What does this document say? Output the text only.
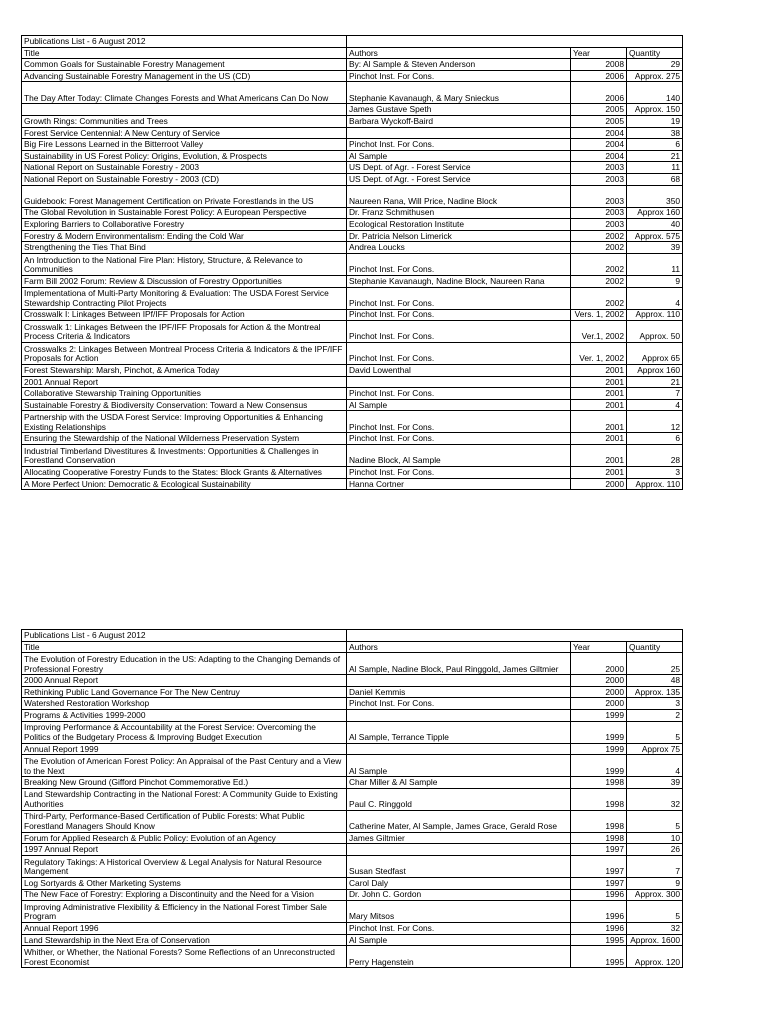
Publications List - 6 August 2012			
Title	Authors	Year	Quantity
Common Goals for Sustainable Forestry Management	By: Al Sample & Steven Anderson	2008	29
Advancing Sustainable Forestry Management in the US (CD)	Pinchot Inst. For Cons.	2006	Approx. 275
The Day After Today: Climate Changes Forests and What Americans Can Do Now	Stephanie Kavanaugh, & Mary Snieckus	2006	140
	James Gustave Speth	2005	Approx. 150
Growth Rings: Communities and Trees	Barbara Wyckoff-Baird	2005	19
Forest Service Centennial: A New Century of Service		2004	38
Big Fire Lessons Learned in the Bitterroot Valley	Pinchot Inst. For Cons.	2004	6
Sustainability in US Forest Policy: Origins, Evolution, & Prospects	Al Sample	2004	21
National Report on Sustainable Forestry - 2003	US Dept. of Agr. - Forest Service	2003	11
National Report on Sustainable Forestry - 2003 (CD)	US Dept. of Agr. - Forest Service	2003	68
Guidebook: Forest Management Certification on Private Forestlands in the US	Naureen Rana, Will Price, Nadine Block	2003	350
The Global Revolution in Sustainable Forest Policy: A European Perspective	Dr. Franz Schmithusen	2003	Approx 160
Exploring Barriers to Collaborative Forestry	Ecological Restoration Institute	2003	40
Forestry & Modern Environmentalism: Ending the Cold War	Dr. Patricia Nelson Limerick	2002	Approx. 575
Strengthening the Ties That Bind	Andrea Loucks	2002	39
An Introduction to the National Fire Plan: History, Structure, & Relevance to Communities	Pinchot Inst. For Cons.	2002	11
Farm Bill 2002 Forum: Review & Discussion of Forestry Opportunities	Stephanie Kavanaugh, Nadine Block, Naureen Rana	2002	9
Implementationa of Multi-Party Monitoring & Evaluation: The USDA Forest Service Stewardship Contracting Pilot Projects	Pinchot Inst. For Cons.	2002	4
Crosswalk I: Linkages Between IPf/IFF Proposals for Action	Pinchot Inst. For Cons.	Vers. 1, 2002	Approx. 110
Crosswalk 1: Linkages Between the IPF/IFF Proposals for Action & the Montreal Process Criteria & Indicators	Pinchot Inst. For Cons.	Ver.1, 2002	Approx. 50
Crosswalks 2: Linkages Between Montreal Process Criteria & Indicators & the IPF/IFF Proposals for Action	Pinchot Inst. For Cons.	Ver. 1, 2002	Approx 65
Forest Stewarship: Marsh, Pinchot, & America Today	David Lowenthal	2001	Approx 160
2001 Annual Report		2001	21
Collaborative Stewarship Training Opportunities	Pinchot Inst. For Cons.	2001	7
Sustainable Forestry & Biodiversity Conservation: Toward a New Consensus	Al Sample	2001	4
Partnership with the USDA Forest Service: Improving Opportunities & Enhancing Existing Relationships	Pinchot Inst. For Cons.	2001	12
Ensuring the Stewardship of the National Wilderness Preservation System	Pinchot Inst. For Cons.	2001	6
Industrial Timberland Divestitures & Investments: Opportunities & Challenges in Forestland Conservation	Nadine Block, Al Sample	2001	28
Allocating Cooperative Forestry Funds to the States: Block Grants & Alternatives	Pinchot Inst. For Cons.	2001	3
A More Perfect Union: Democratic & Ecological Sustainability	Hanna Cortner	2000	Approx. 110
Publications List - 6 August 2012			
Title	Authors	Year	Quantity
The Evolution of Forestry Education in the US: Adapting to the Changing Demands of Professional Forestry	Al Sample, Nadine Block, Paul Ringgold, James Giltmier	2000	25
2000 Annual Report		2000	48
Rethinking Public Land Governance For The New Centruy	Daniel Kemmis	2000	Approx. 135
Watershed Restoration Workshop	Pinchot Inst. For Cons.	2000	3
Programs & Activities 1999-2000		1999	2
Improving Performance & Accountability at the Forest Service: Overcoming the Politics of the Budgetary Process & Improving Budget Execution	Al Sample, Terrance Tipple	1999	5
Annual Report 1999		1999	Approx 75
The Evolution of American Forest Policy: An Appraisal of the Past Century and a View to the Next	Al Sample	1999	4
Breaking New Ground (Gifford Pinchot Commemorative Ed.)	Char Miller & Al Sample	1998	39
Land Stewardship Contracting in the National Forest: A Community Guide to Existing Authorities	Paul C. Ringgold	1998	32
Third-Party, Performance-Based Certification of Public Forests: What Public Forestland Managers Should Know	Catherine Mater, Al Sample, James Grace, Gerald Rose	1998	5
Forum for Applied Research & Public Policy: Evolution of an Agency	James Giltmier	1998	10
1997 Annual Report		1997	26
Regulatory Takings: A Historical Overview & Legal Analysis for Natural Resource Mangement	Susan Stedfast	1997	7
Log Sortyards & Other Marketing Systems	Carol Daly	1997	9
The New Face of Forestry: Exploring a Discontinuity and the Need for a Vision	Dr. John C. Gordon	1996	Approx. 300
Improving Administrative Flexibility & Efficiency in the National Forest Timber Sale Program	Mary Mitsos	1996	5
Annual Report 1996	Pinchot Inst. For Cons.	1996	32
Land Stewardship in the Next Era of Conservation	Al Sample	1995	Approx. 1600
Whither, or Whether, the National Forests? Some Reflections of an Unreconstructed Forest Economist	Perry Hagenstein	1995	Approx. 120
